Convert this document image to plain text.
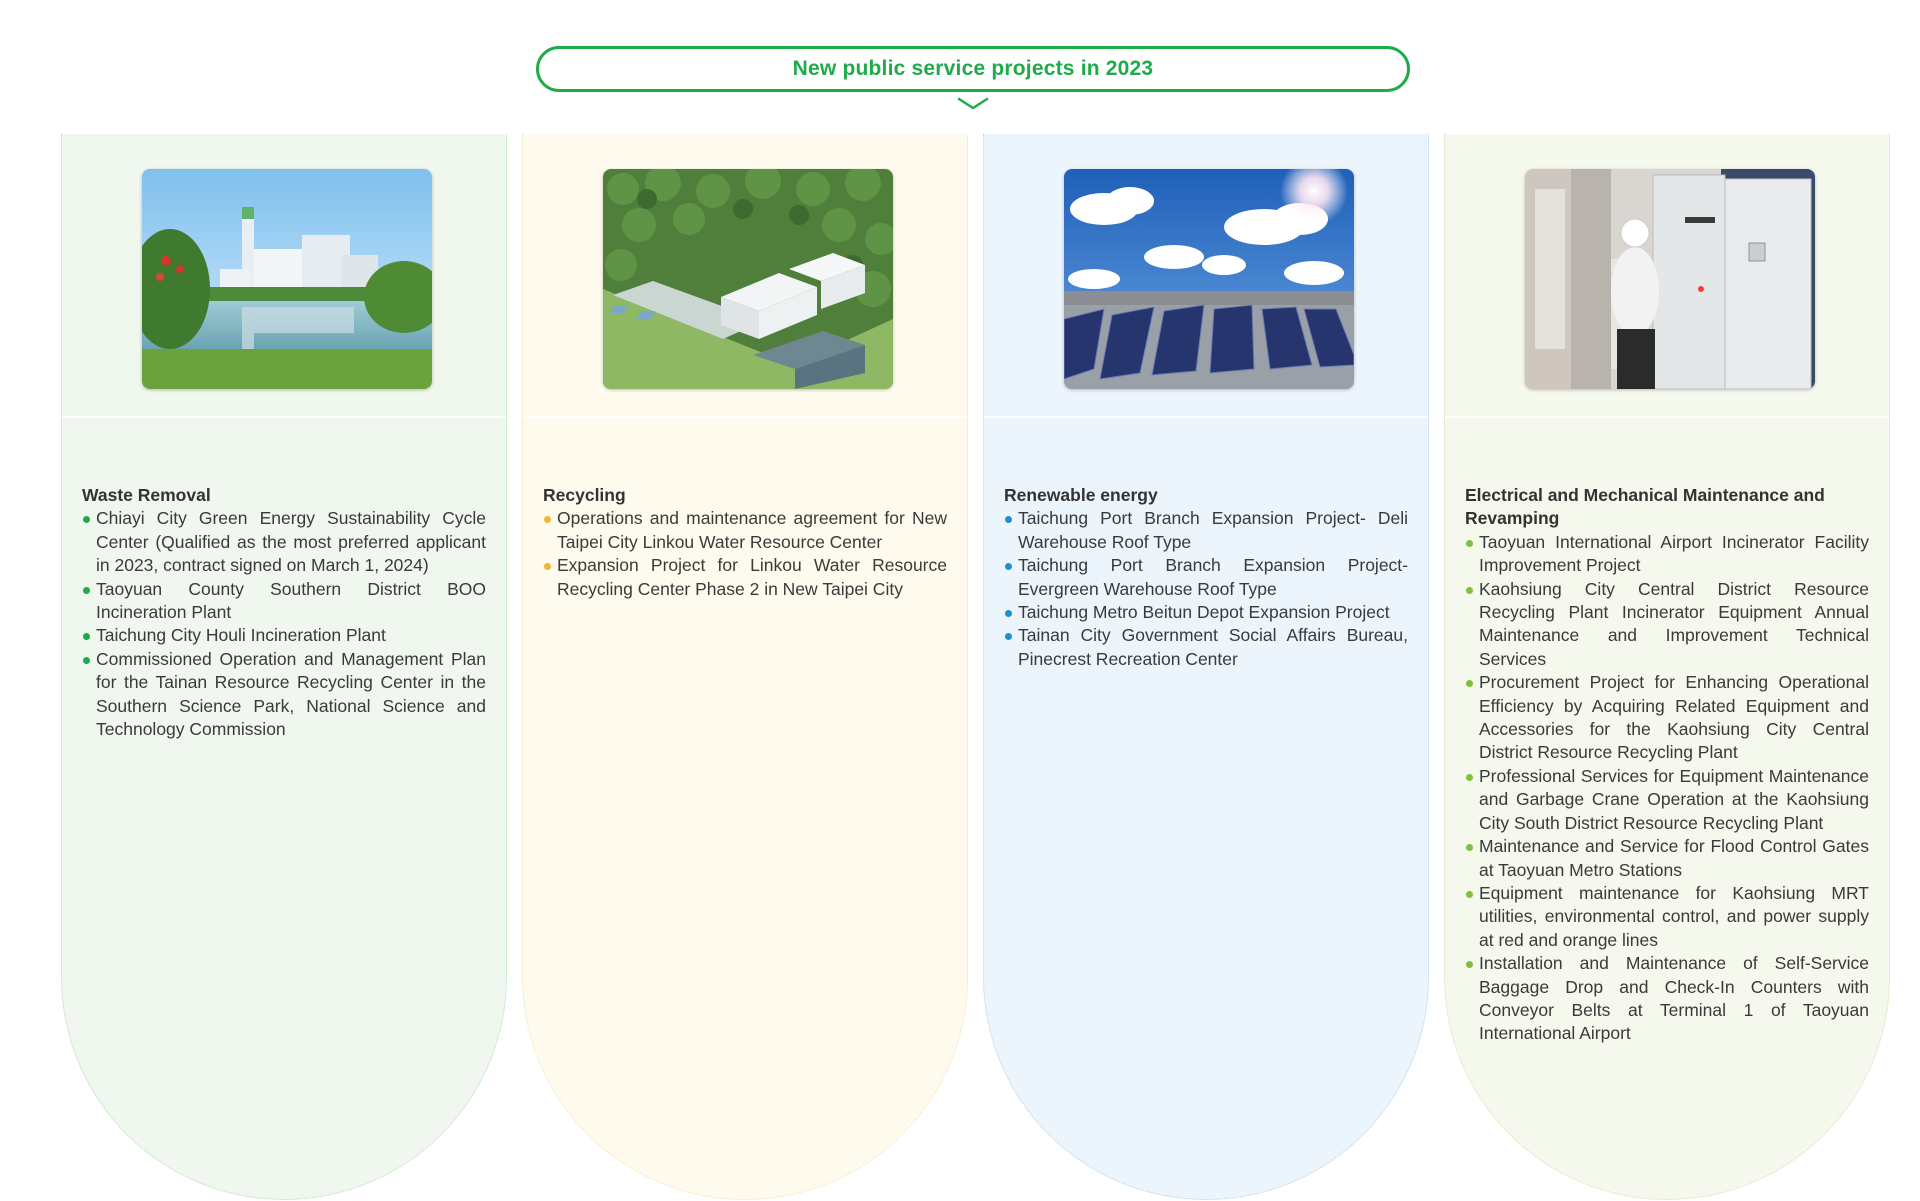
New public service projects in 2023
Waste Removal
Chiayi City Green Energy Sustainability Cycle Center (Qualified as the most preferred applicant in 2023, contract signed on March 1, 2024)
Taoyuan County Southern District BOO Incineration Plant
Taichung City Houli Incineration Plant
Commissioned Operation and Management Plan for the Tainan Resource Recycling Center in the Southern Science Park, National Science and Technology Commission
Recycling
Operations and maintenance agreement for New Taipei City Linkou Water Resource Center
Expansion Project for Linkou Water Resource Recycling Center Phase 2 in New Taipei City
Renewable energy
Taichung Port Branch Expansion Project- Deli Warehouse Roof Type
Taichung Port Branch Expansion Project- Evergreen Warehouse Roof Type
Taichung Metro Beitun Depot Expansion Project
Tainan City Government Social Affairs Bureau, Pinecrest Recreation Center
Electrical and Mechanical Maintenance and Revamping
Taoyuan International Airport Incinerator Facility Improvement Project
Kaohsiung City Central District Resource Recycling Plant Incinerator Equipment Annual Maintenance and Improvement Technical Services
Procurement Project for Enhancing Operational Efficiency by Acquiring Related Equipment and Accessories for the Kaohsiung City Central District Resource Recycling Plant
Professional Services for Equipment Maintenance and Garbage Crane Operation at the Kaohsiung City South District Resource Recycling Plant
Maintenance and Service for Flood Control Gates at Taoyuan Metro Stations
Equipment maintenance for Kaohsiung MRT utilities, environmental control, and power supply at red and orange lines
Installation and Maintenance of Self-Service Baggage Drop and Check-In Counters with Conveyor Belts at Terminal 1 of Taoyuan International Airport
